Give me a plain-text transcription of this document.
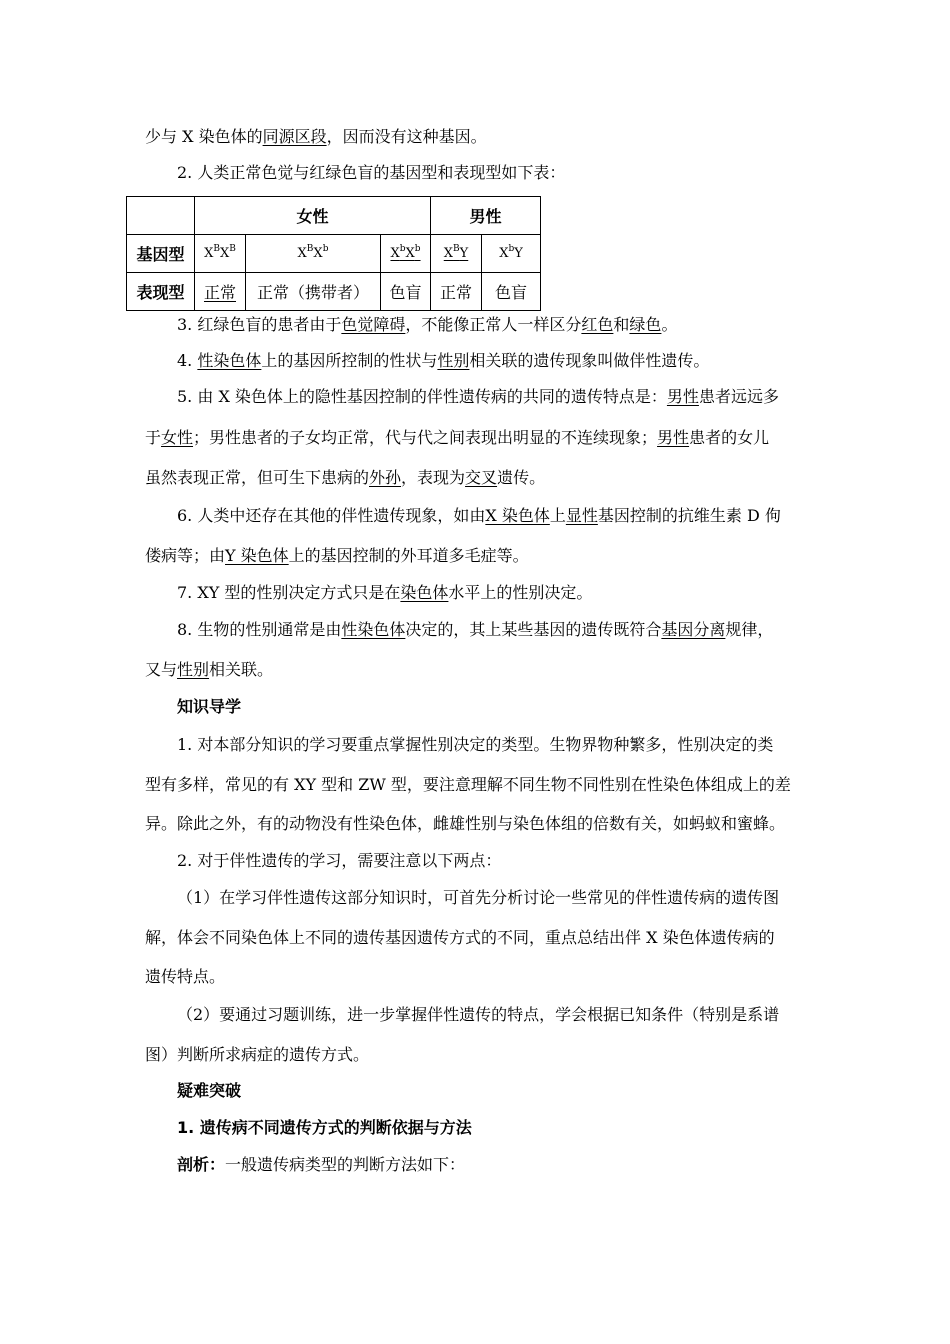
少与 X 染色体的同源区段，因而没有这种基因。
2. 人类正常色觉与红绿色盲的基因型和表现型如下表：
	女性			男性	
基因型	$X^BX^B$	$X^BX^b$	$X^bX^b$	$X^BY$	$X^bY$
表现型	正常	正常（携带者）	色盲	正常	色盲
3. 红绿色盲的患者由于色觉障碍，不能像正常人一样区分红色和绿色。
4. 性染色体上的基因所控制的性状与性别相关联的遗传现象叫做伴性遗传。
5. 由 X 染色体上的隐性基因控制的伴性遗传病的共同的遗传特点是：男性患者远远多
于女性；男性患者的子女均正常，代与代之间表现出明显的不连续现象；男性患者的女儿
虽然表现正常，但可生下患病的外孙，表现为交叉遗传。
6. 人类中还存在其他的伴性遗传现象，如由X 染色体上显性基因控制的抗维生素 D 佝
偻病等；由Y 染色体上的基因控制的外耳道多毛症等。
7. XY 型的性别决定方式只是在染色体水平上的性别决定。
8. 生物的性别通常是由性染色体决定的，其上某些基因的遗传既符合基因分离规律，
又与性别相关联。
知识导学
1. 对本部分知识的学习要重点掌握性别决定的类型。生物界物种繁多，性别决定的类
型有多样，常见的有 XY 型和 ZW 型，要注意理解不同生物不同性别在性染色体组成上的差
异。除此之外，有的动物没有性染色体，雌雄性别与染色体组的倍数有关，如蚂蚁和蜜蜂。
2. 对于伴性遗传的学习，需要注意以下两点：
（1）在学习伴性遗传这部分知识时，可首先分析讨论一些常见的伴性遗传病的遗传图
解，体会不同染色体上不同的遗传基因遗传方式的不同，重点总结出伴 X 染色体遗传病的
遗传特点。
（2）要通过习题训练，进一步掌握伴性遗传的特点，学会根据已知条件（特别是系谱
图）判断所求病症的遗传方式。
疑难突破
1. 遗传病不同遗传方式的判断依据与方法
剖析：一般遗传病类型的判断方法如下：
